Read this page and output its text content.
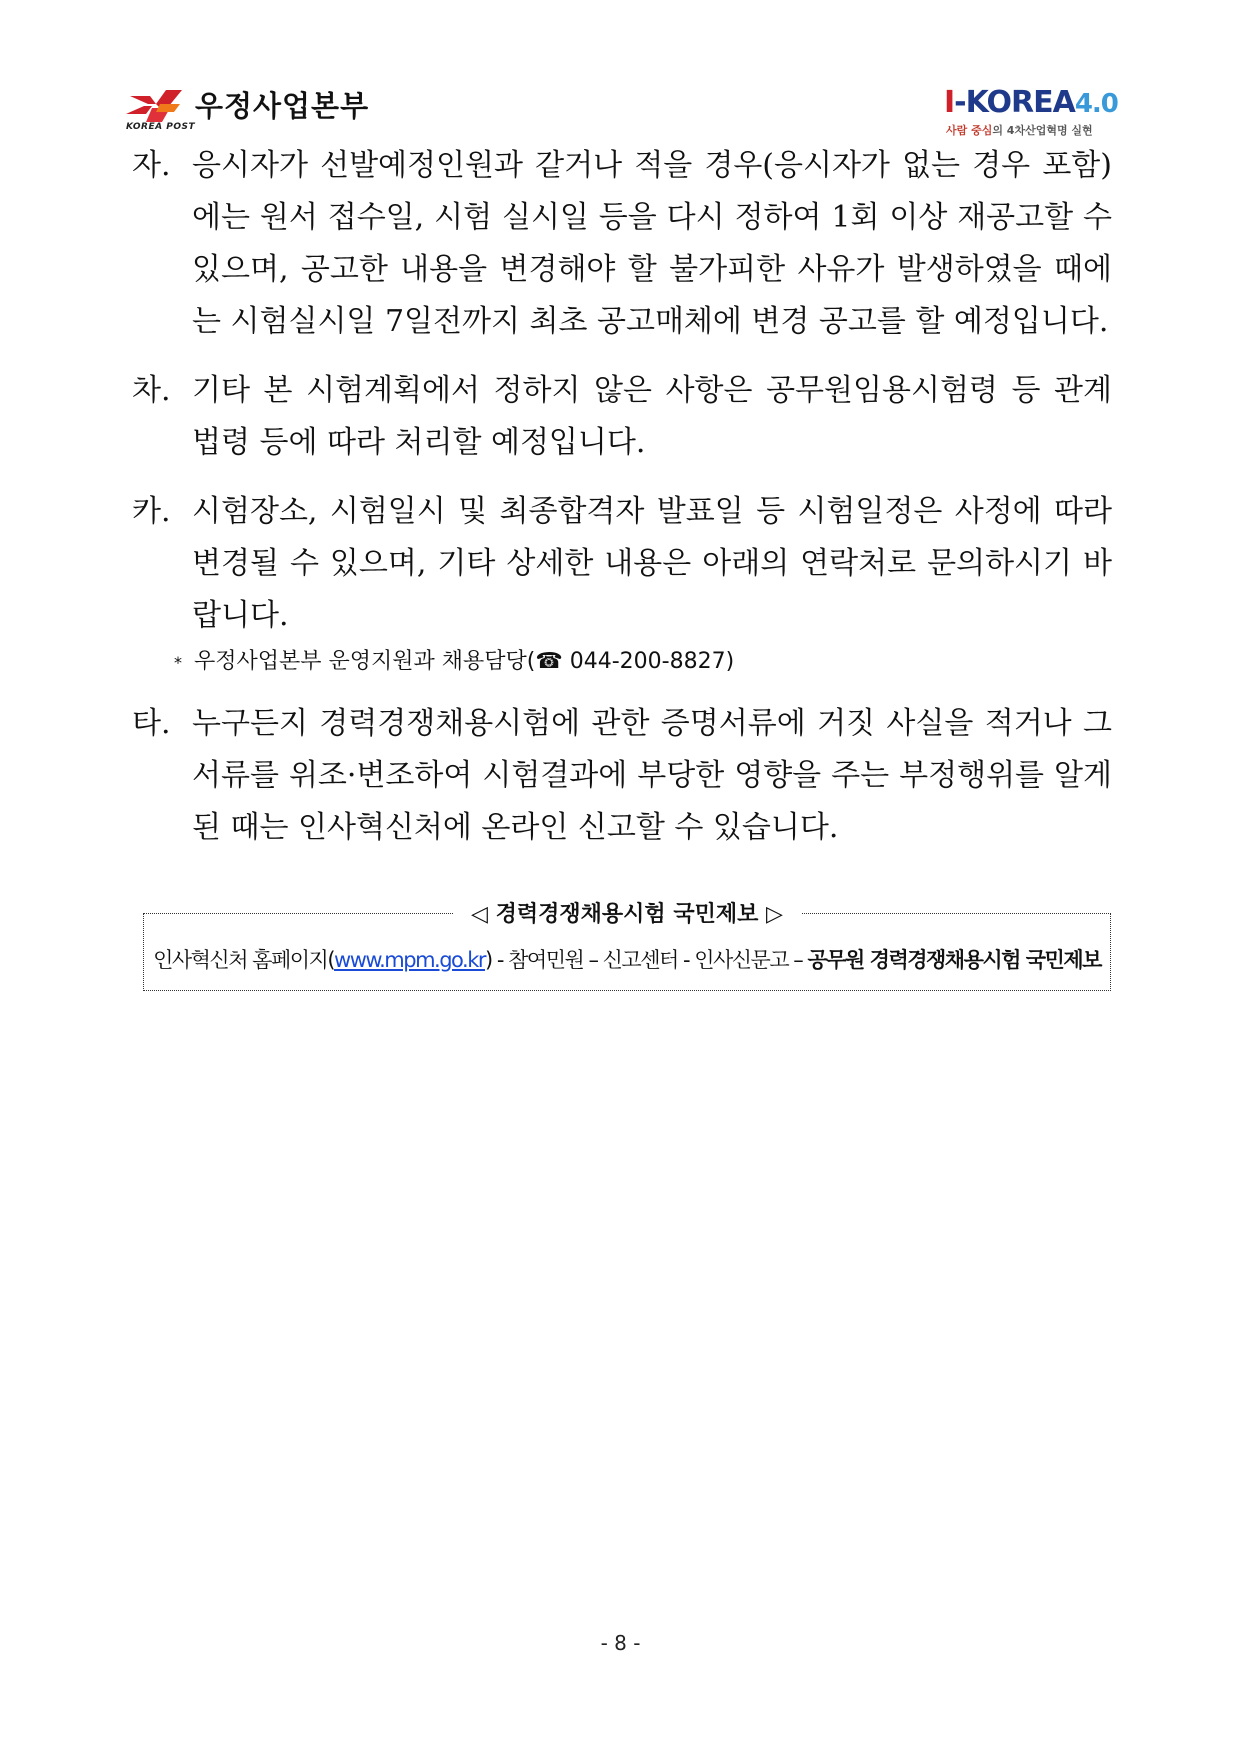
우정사업본부
KOREA POST
I-KOREA4.0
사람 중심의 4차산업혁명 실현
자. 응시자가 선발예정인원과 같거나 적을 경우(응시자가 없는 경우 포함)에는 원서 접수일, 시험 실시일 등을 다시 정하여 1회 이상 재공고할 수 있으며, 공고한 내용을 변경해야 할 불가피한 사유가 발생하였을 때에는 시험실시일 7일전까지 최초 공고매체에 변경 공고를 할 예정입니다.
차. 기타 본 시험계획에서 정하지 않은 사항은 공무원임용시험령 등 관계 법령 등에 따라 처리할 예정입니다.
카. 시험장소, 시험일시 및 최종합격자 발표일 등 시험일정은 사정에 따라 변경될 수 있으며, 기타 상세한 내용은 아래의 연락처로 문의하시기 바랍니다.
* 우정사업본부 운영지원과 채용담당(☎ 044-200-8827)
타. 누구든지 경력경쟁채용시험에 관한 증명서류에 거짓 사실을 적거나 그 서류를 위조·변조하여 시험결과에 부당한 영향을 주는 부정행위를 알게 된 때는 인사혁신처에 온라인 신고할 수 있습니다.
◁ 경력경쟁채용시험 국민제보 ▷
인사혁신처 홈페이지(www.mpm.go.kr) - 참여민원 – 신고센터 - 인사신문고 – 공무원 경력경쟁채용시험 국민제보
- 8 -
